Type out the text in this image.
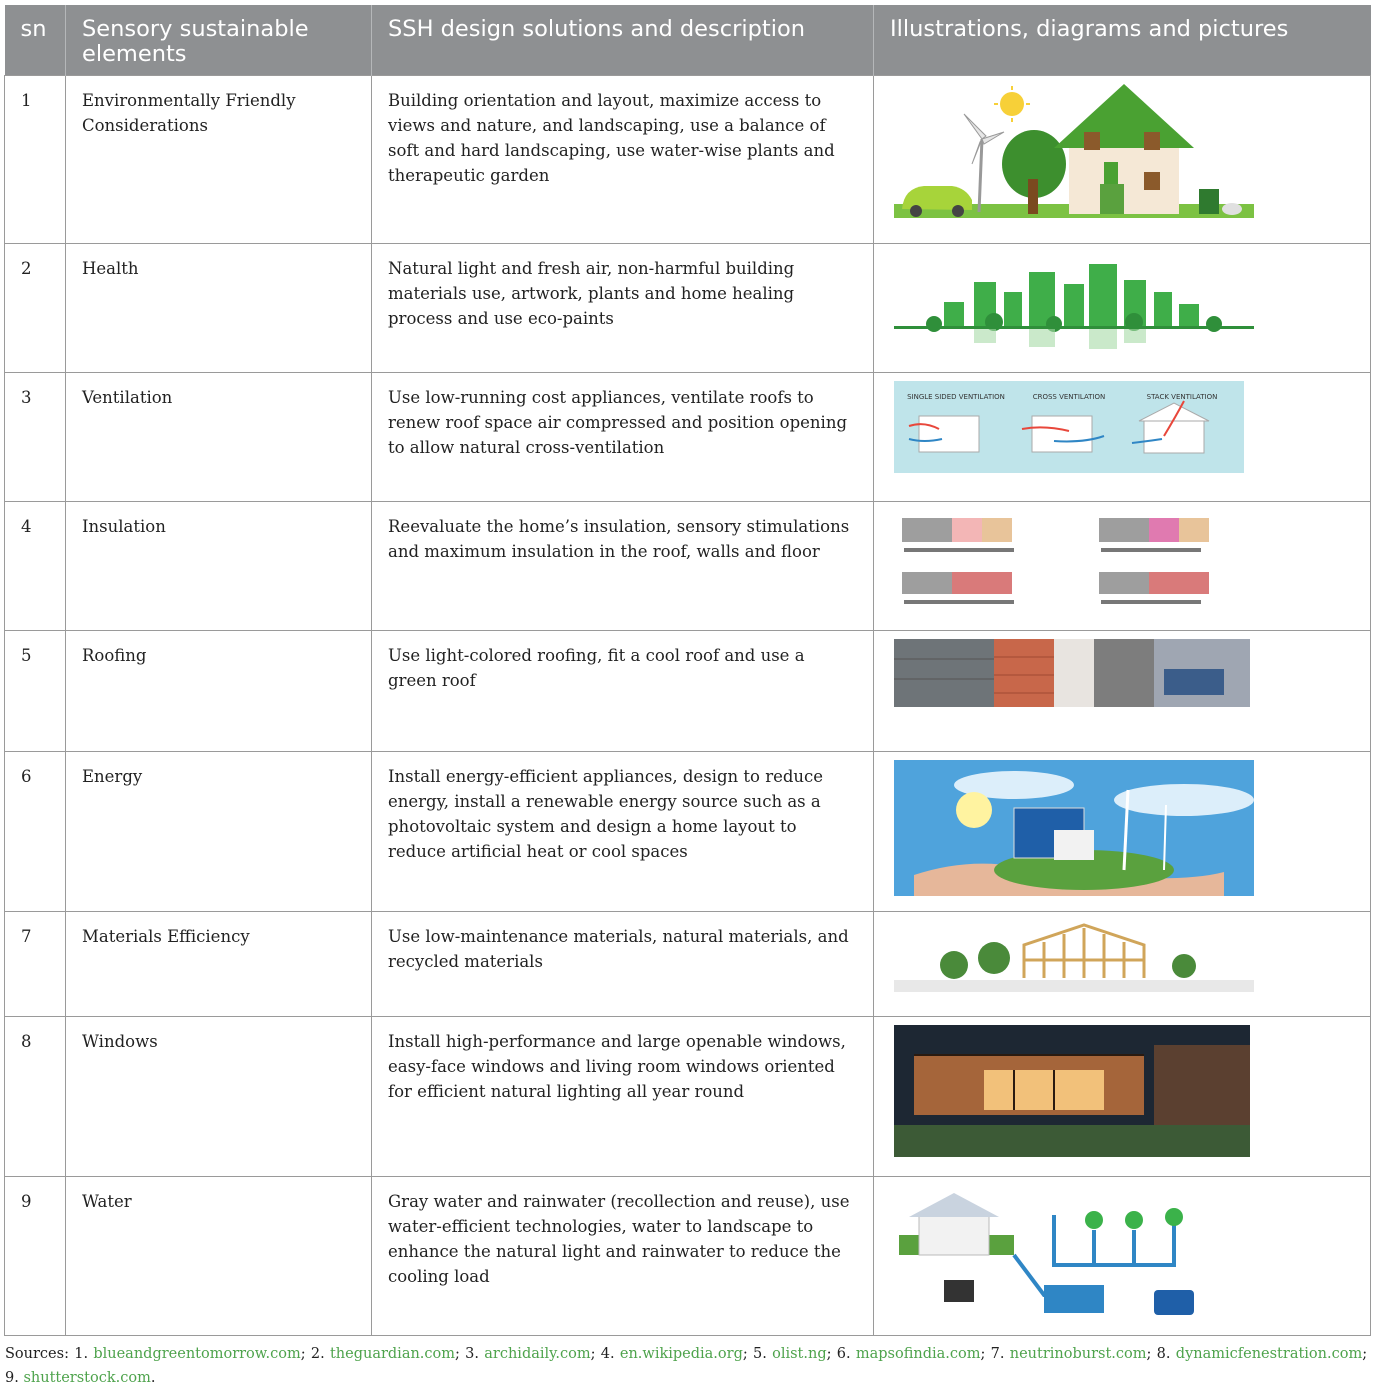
sn	Sensory sustainable elements	SSH design solutions and description	Illustrations, diagrams and pictures
1	Environmentally Friendly Considerations	Building orientation and layout, maximize access to views and nature, and landscaping, use a balance of soft and hard landscaping, use water-wise plants and therapeutic garden	

2	Health	Natural light and fresh air, non-harmful building materials use, artwork, plants and home healing process and use eco-paints	

3	Ventilation	Use low-running cost appliances, ventilate roofs to renew roof space air compressed and position opening to allow natural cross-ventilation	SINGLE SIDED VENTILATION CROSS VENTILATION STACK VENTILATION

4	Insulation	Reevaluate the home’s insulation, sensory stimulations and maximum insulation in the roof, walls and floor	

5	Roofing	Use light-colored roofing, fit a cool roof and use a green roof	

6	Energy	Install energy-efficient appliances, design to reduce energy, install a renewable energy source such as a photovoltaic system and design a home layout to reduce artificial heat or cool spaces	

7	Materials Efficiency	Use low-maintenance materials, natural materials, and recycled materials	

8	Windows	Install high-performance and large openable windows, easy-face windows and living room windows oriented for efficient natural lighting all year round	

9	Water	Gray water and rainwater (recollection and reuse), use water-efficient technologies, water to landscape to enhance the natural light and rainwater to reduce the cooling load	
Sources: 1. blueandgreentomorrow.com; 2. theguardian.com; 3. archidaily.com; 4. en.wikipedia.org; 5. olist.ng; 6. mapsofindia.com; 7. neutrinoburst.com; 8. dynamicfenestration.com;
9. shutterstock.com.
